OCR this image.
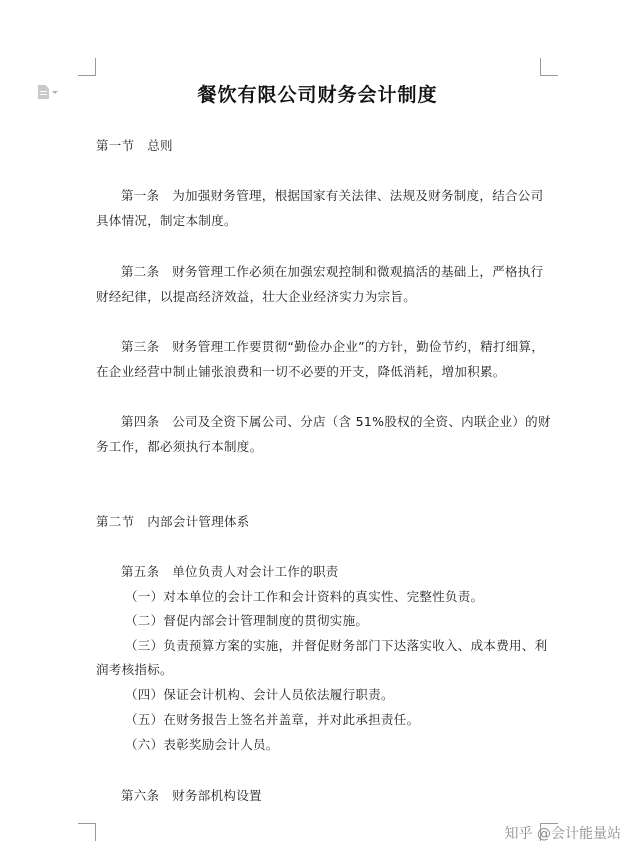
餐饮有限公司财务会计制度
第一节　总则
第一条　为加强财务管理，根据国家有关法律、法规及财务制度，结合公司
具体情况，制定本制度。
第二条　财务管理工作必须在加强宏观控制和微观搞活的基础上，严格执行
财经纪律，以提高经济效益，壮大企业经济实力为宗旨。
第三条　财务管理工作要贯彻“勤俭办企业”的方针，勤俭节约，精打细算，
在企业经营中制止铺张浪费和一切不必要的开支，降低消耗，增加积累。
第四条　公司及全资下属公司、分店（含 51%股权的全资、内联企业）的财
务工作，都必须执行本制度。
第二节　内部会计管理体系
第五条　单位负责人对会计工作的职责
（一）对本单位的会计工作和会计资料的真实性、完整性负责。
（二）督促内部会计管理制度的贯彻实施。
（三）负责预算方案的实施，并督促财务部门下达落实收入、成本费用、利
润考核指标。
（四）保证会计机构、会计人员依法履行职责。
（五）在财务报告上签名并盖章，并对此承担责任。
（六）表彰奖励会计人员。
第六条　财务部机构设置
知乎 @会计能量站
